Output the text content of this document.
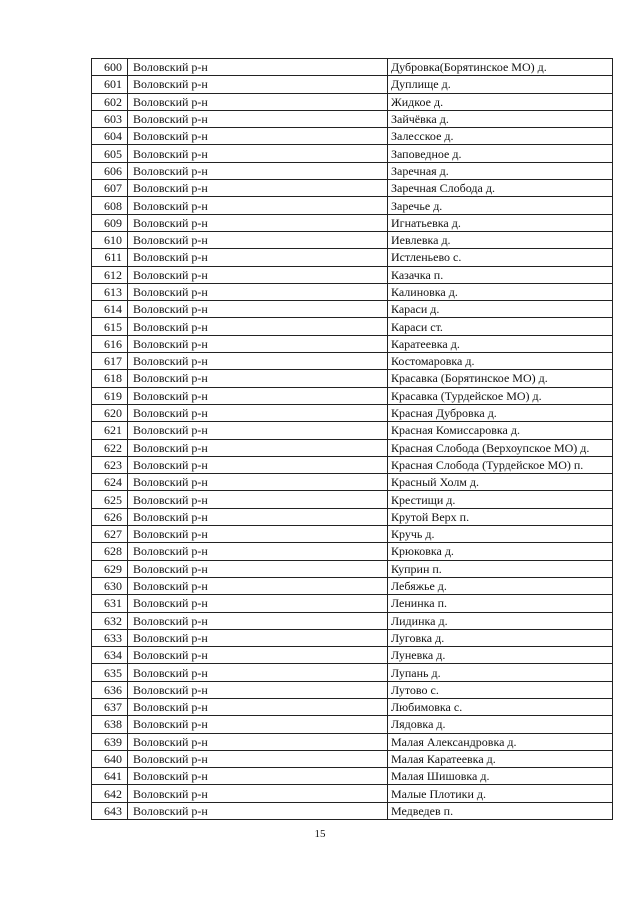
600	Воловский р-н	Дубровка(Борятинское МО) д.
601	Воловский р-н	Дуплище д.
602	Воловский р-н	Жидкое д.
603	Воловский р-н	Зайчёвка д.
604	Воловский р-н	Залесское д.
605	Воловский р-н	Заповедное д.
606	Воловский р-н	Заречная д.
607	Воловский р-н	Заречная Слобода д.
608	Воловский р-н	Заречье д.
609	Воловский р-н	Игнатьевка д.
610	Воловский р-н	Иевлевка д.
611	Воловский р-н	Истленьево с.
612	Воловский р-н	Казачка п.
613	Воловский р-н	Калиновка д.
614	Воловский р-н	Караси д.
615	Воловский р-н	Караси ст.
616	Воловский р-н	Каратеевка д.
617	Воловский р-н	Костомаровка д.
618	Воловский р-н	Красавка (Борятинское МО) д.
619	Воловский р-н	Красавка (Турдейское МО) д.
620	Воловский р-н	Красная Дубровка д.
621	Воловский р-н	Красная Комиссаровка д.
622	Воловский р-н	Красная Слобода (Верхоупское МО) д.
623	Воловский р-н	Красная Слобода (Турдейское МО) п.
624	Воловский р-н	Красный Холм д.
625	Воловский р-н	Крестищи д.
626	Воловский р-н	Крутой Верх п.
627	Воловский р-н	Кручь д.
628	Воловский р-н	Крюковка д.
629	Воловский р-н	Куприн п.
630	Воловский р-н	Лебяжье д.
631	Воловский р-н	Ленинка п.
632	Воловский р-н	Лидинка д.
633	Воловский р-н	Луговка д.
634	Воловский р-н	Луневка д.
635	Воловский р-н	Лупань д.
636	Воловский р-н	Лутово с.
637	Воловский р-н	Любимовка с.
638	Воловский р-н	Лядовка д.
639	Воловский р-н	Малая Александровка д.
640	Воловский р-н	Малая Каратеевка д.
641	Воловский р-н	Малая Шишовка д.
642	Воловский р-н	Малые Плотики д.
643	Воловский р-н	Медведев п.
15
